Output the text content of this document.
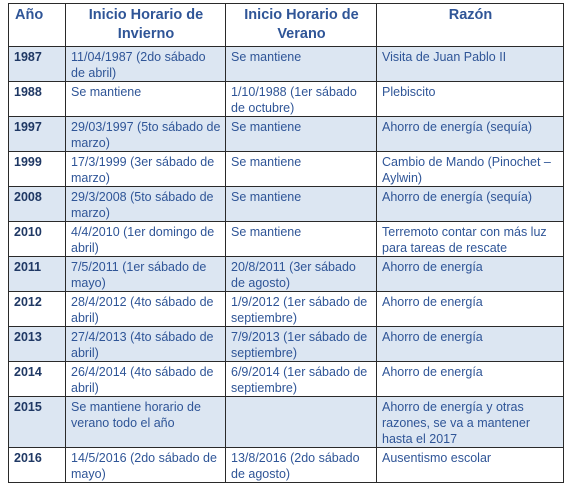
Año	Inicio Horario de Invierno	Inicio Horario de Verano	Razón
1987	11/04/1987 (2do sábado de abril)	Se mantiene	Visita de Juan Pablo II
1988	Se mantiene	1/10/1988 (1er sábado de octubre)	Plebiscito
1997	29/03/1997 (5to sábado de marzo)	Se mantiene	Ahorro de energía (sequía)
1999	17/3/1999 (3er sábado de marzo)	Se mantiene	Cambio de Mando (Pinochet – Aylwin)
2008	29/3/2008 (5to sábado de marzo)	Se mantiene	Ahorro de energía (sequía)
2010	4/4/2010 (1er domingo de abril)	Se mantiene	Terremoto contar con más luz para tareas de rescate
2011	7/5/2011 (1er sábado de mayo)	20/8/2011 (3er sábado de agosto)	Ahorro de energía
2012	28/4/2012 (4to sábado de abril)	1/9/2012 (1er sábado de septiembre)	Ahorro de energía
2013	27/4/2013 (4to sábado de abril)	7/9/2013 (1er sábado de septiembre)	Ahorro de energía
2014	26/4/2014 (4to sábado de abril)	6/9/2014 (1er sábado de septiembre)	Ahorro de energía
2015	Se mantiene horario de verano todo el año		Ahorro de energía y otras razones, se va a mantener hasta el 2017
2016	14/5/2016 (2do sábado de mayo)	13/8/2016 (2do sábado de agosto)	Ausentismo escolar
